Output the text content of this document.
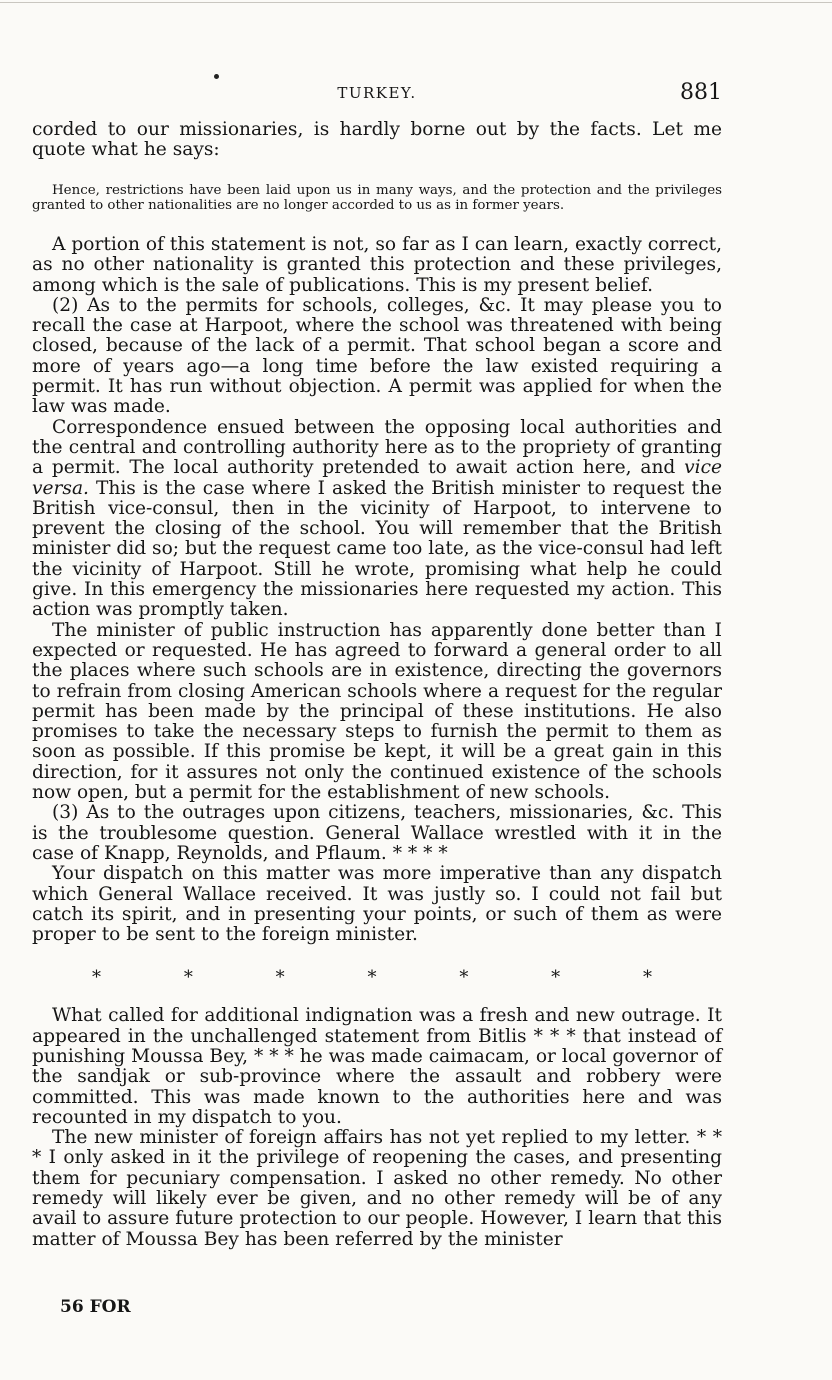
TURKEY.	881

corded to our missionaries, is hardly borne out by the facts. Let me quote what he says:

Hence, restrictions have been laid upon us in many ways, and the protection and the privileges granted to other nationalities are no longer accorded to us as in former years.

A portion of this statement is not, so far as I can learn, exactly correct, as no other nationality is granted this protection and these privileges, among which is the sale of publications. This is my present belief.

(2) As to the permits for schools, colleges, &c. It may please you to recall the case at Harpoot, where the school was threatened with being closed, because of the lack of a permit. That school began a score and more of years ago—a long time before the law existed requiring a permit. It has run without objection. A permit was applied for when the law was made.

Correspondence ensued between the opposing local authorities and the central and controlling authority here as to the propriety of granting a permit. The local authority pretended to await action here, and vice versa. This is the case where I asked the British minister to request the British vice-consul, then in the vicinity of Harpoot, to intervene to prevent the closing of the school. You will remember that the British minister did so; but the request came too late, as the vice-consul had left the vicinity of Harpoot. Still he wrote, promising what help he could give. In this emergency the missionaries here requested my action. This action was promptly taken.

The minister of public instruction has apparently done better than I expected or requested. He has agreed to forward a general order to all the places where such schools are in existence, directing the governors to refrain from closing American schools where a request for the regular permit has been made by the principal of these institutions. He also promises to take the necessary steps to furnish the permit to them as soon as possible. If this promise be kept, it will be a great gain in this direction, for it assures not only the continued existence of the schools now open, but a permit for the establishment of new schools.

(3) As to the outrages upon citizens, teachers, missionaries, &c. This is the troublesome question. General Wallace wrestled with it in the case of Knapp, Reynolds, and Pflaum. * * * *

Your dispatch on this matter was more imperative than any dispatch which General Wallace received. It was justly so. I could not fail but catch its spirit, and in presenting your points, or such of them as were proper to be sent to the foreign minister.

*	*	*	*	*	*	*

What called for additional indignation was a fresh and new outrage. It appeared in the unchallenged statement from Bitlis * * * that instead of punishing Moussa Bey, * * * he was made caimacam, or local governor of the sandjak or sub-province where the assault and robbery were committed. This was made known to the authorities here and was recounted in my dispatch to you.

The new minister of foreign affairs has not yet replied to my letter. * * * I only asked in it the privilege of reopening the cases, and presenting them for pecuniary compensation. I asked no other remedy. No other remedy will likely ever be given, and no other remedy will be of any avail to assure future protection to our people. However, I learn that this matter of Moussa Bey has been referred by the minister

56 FOR
